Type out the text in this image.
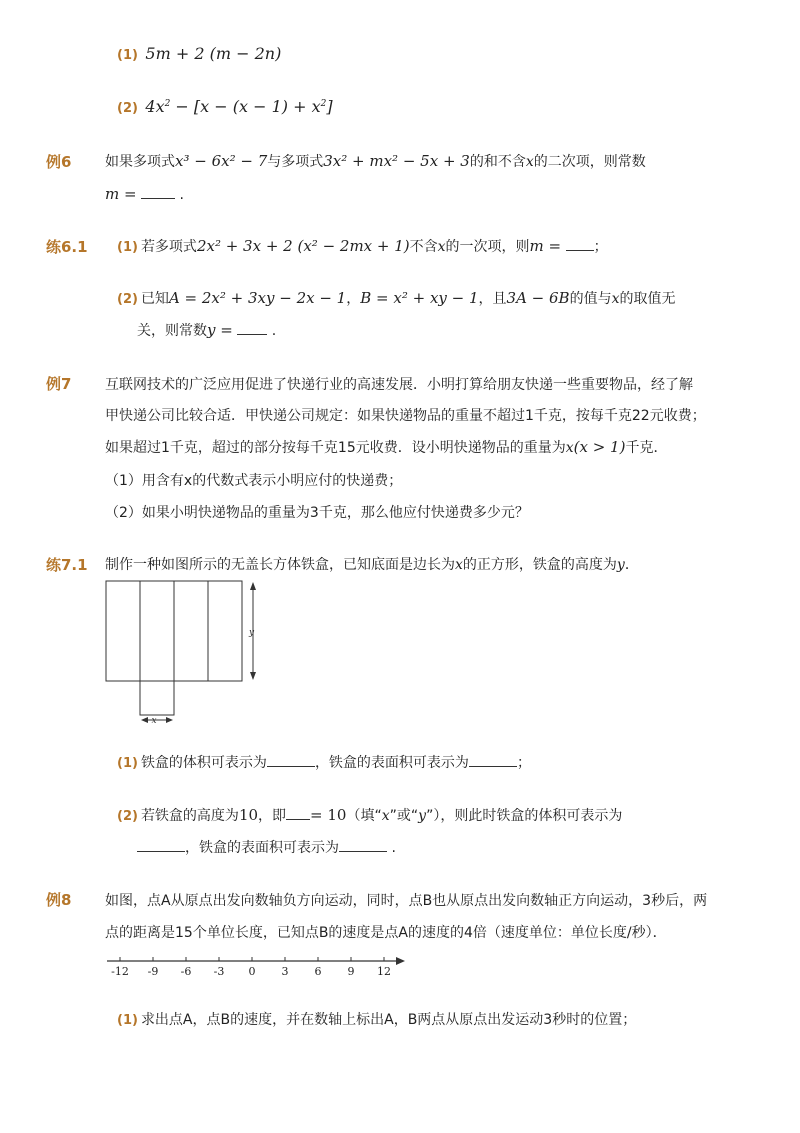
(1) 5m + 2 (m − 2n)
(2) $4x^2 - [x - (x - 1) + x^2]$
例6 如果多项式x³ − 6x² − 7与多项式3x² + mx² − 5x + 3的和不含x的二次项，则常数
m =	.
练6.1 (1) 若多项式2x² + 3x + 2 (x² − 2mx + 1)不含x的一次项，则m = ；
(2) 已知A = 2x² + 3xy − 2x − 1，B = x² + xy − 1，且3A − 6B的值与x的取值无
关，则常数y =	.
例7 互联网技术的广泛应用促进了快递行业的高速发展．小明打算给朋友快递一些重要物品，经了解
甲快递公司比较合适．甲快递公司规定：如果快递物品的重量不超过1千克，按每千克22元收费；
如果超过1千克，超过的部分按每千克15元收费．设小明快递物品的重量为x(x > 1)千克．
（1）用含有x的代数式表示小明应付的快递费；
（2）如果小明快递物品的重量为3千克，那么他应付快递费多少元？
练7.1 制作一种如图所示的无盖长方体铁盒，已知底面是边长为x的正方形，铁盒的高度为y．
y
x
(1) 铁盒的体积可表示为	，铁盒的表面积可表示为	；
(2) 若铁盒的高度为10，即 = 10（填“x”或“y”），则此时铁盒的体积可表示为
，铁盒的表面积可表示为	.
例8 如图，点A从原点出发向数轴负方向运动，同时，点B也从原点出发向数轴正方向运动，3秒后，两
点的距离是15个单位长度，已知点B的速度是点A的速度的4倍（速度单位：单位长度/秒）．
-12 -9 -6 -3 0 3 6 9 12
(1) 求出点A，点B的速度，并在数轴上标出A，B两点从原点出发运动3秒时的位置；
